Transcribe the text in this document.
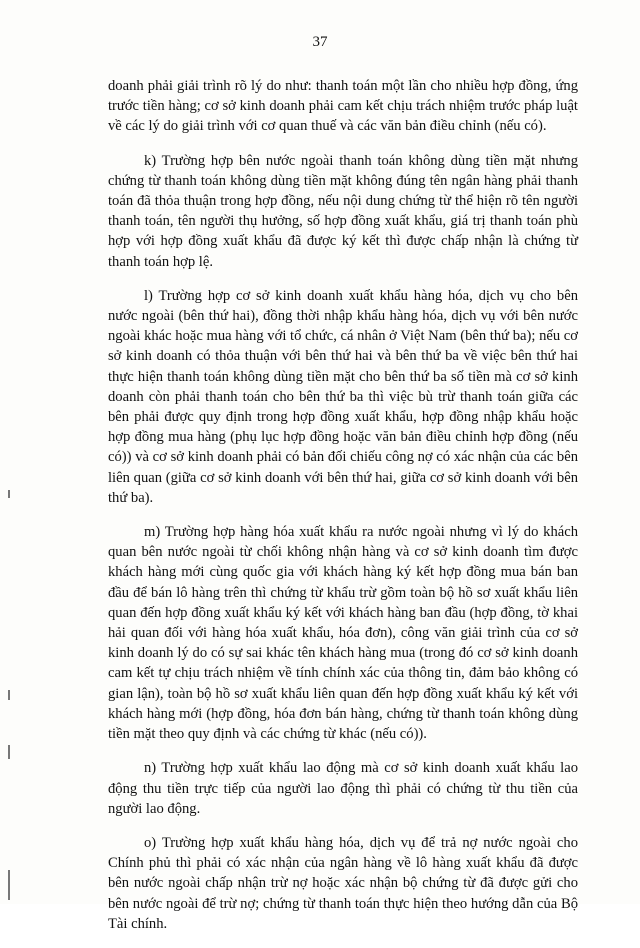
37

doanh phải giải trình rõ lý do như: thanh toán một lần cho nhiều hợp đồng, ứng trước tiền hàng; cơ sở kinh doanh phải cam kết chịu trách nhiệm trước pháp luật về các lý do giải trình với cơ quan thuế và các văn bản điều chỉnh (nếu có).

k) Trường hợp bên nước ngoài thanh toán không dùng tiền mặt nhưng chứng từ thanh toán không dùng tiền mặt không đúng tên ngân hàng phải thanh toán đã thỏa thuận trong hợp đồng, nếu nội dung chứng từ thể hiện rõ tên người thanh toán, tên người thụ hưởng, số hợp đồng xuất khẩu, giá trị thanh toán phù hợp với hợp đồng xuất khẩu đã được ký kết thì được chấp nhận là chứng từ thanh toán hợp lệ.

l) Trường hợp cơ sở kinh doanh xuất khẩu hàng hóa, dịch vụ cho bên nước ngoài (bên thứ hai), đồng thời nhập khẩu hàng hóa, dịch vụ với bên nước ngoài khác hoặc mua hàng với tổ chức, cá nhân ở Việt Nam (bên thứ ba); nếu cơ sở kinh doanh có thỏa thuận với bên thứ hai và bên thứ ba về việc bên thứ hai thực hiện thanh toán không dùng tiền mặt cho bên thứ ba số tiền mà cơ sở kinh doanh còn phải thanh toán cho bên thứ ba thì việc bù trừ thanh toán giữa các bên phải được quy định trong hợp đồng xuất khẩu, hợp đồng nhập khẩu hoặc hợp đồng mua hàng (phụ lục hợp đồng hoặc văn bản điều chỉnh hợp đồng (nếu có)) và cơ sở kinh doanh phải có bản đối chiếu công nợ có xác nhận của các bên liên quan (giữa cơ sở kinh doanh với bên thứ hai, giữa cơ sở kinh doanh với bên thứ ba).

m) Trường hợp hàng hóa xuất khẩu ra nước ngoài nhưng vì lý do khách quan bên nước ngoài từ chối không nhận hàng và cơ sở kinh doanh tìm được khách hàng mới cùng quốc gia với khách hàng ký kết hợp đồng mua bán ban đầu để bán lô hàng trên thì chứng từ khẩu trừ gồm toàn bộ hồ sơ xuất khẩu liên quan đến hợp đồng xuất khẩu ký kết với khách hàng ban đầu (hợp đồng, tờ khai hải quan đối với hàng hóa xuất khẩu, hóa đơn), công văn giải trình của cơ sở kinh doanh lý do có sự sai khác tên khách hàng mua (trong đó cơ sở kinh doanh cam kết tự chịu trách nhiệm về tính chính xác của thông tin, đảm bảo không có gian lận), toàn bộ hồ sơ xuất khẩu liên quan đến hợp đồng xuất khẩu ký kết với khách hàng mới (hợp đồng, hóa đơn bán hàng, chứng từ thanh toán không dùng tiền mặt theo quy định và các chứng từ khác (nếu có)).

n) Trường hợp xuất khẩu lao động mà cơ sở kinh doanh xuất khẩu lao động thu tiền trực tiếp của người lao động thì phải có chứng từ thu tiền của người lao động.

o) Trường hợp xuất khẩu hàng hóa, dịch vụ để trả nợ nước ngoài cho Chính phủ thì phải có xác nhận của ngân hàng về lô hàng xuất khẩu đã được bên nước ngoài chấp nhận trừ nợ hoặc xác nhận bộ chứng từ đã được gửi cho bên nước ngoài để trừ nợ; chứng từ thanh toán thực hiện theo hướng dẫn của Bộ Tài chính.
